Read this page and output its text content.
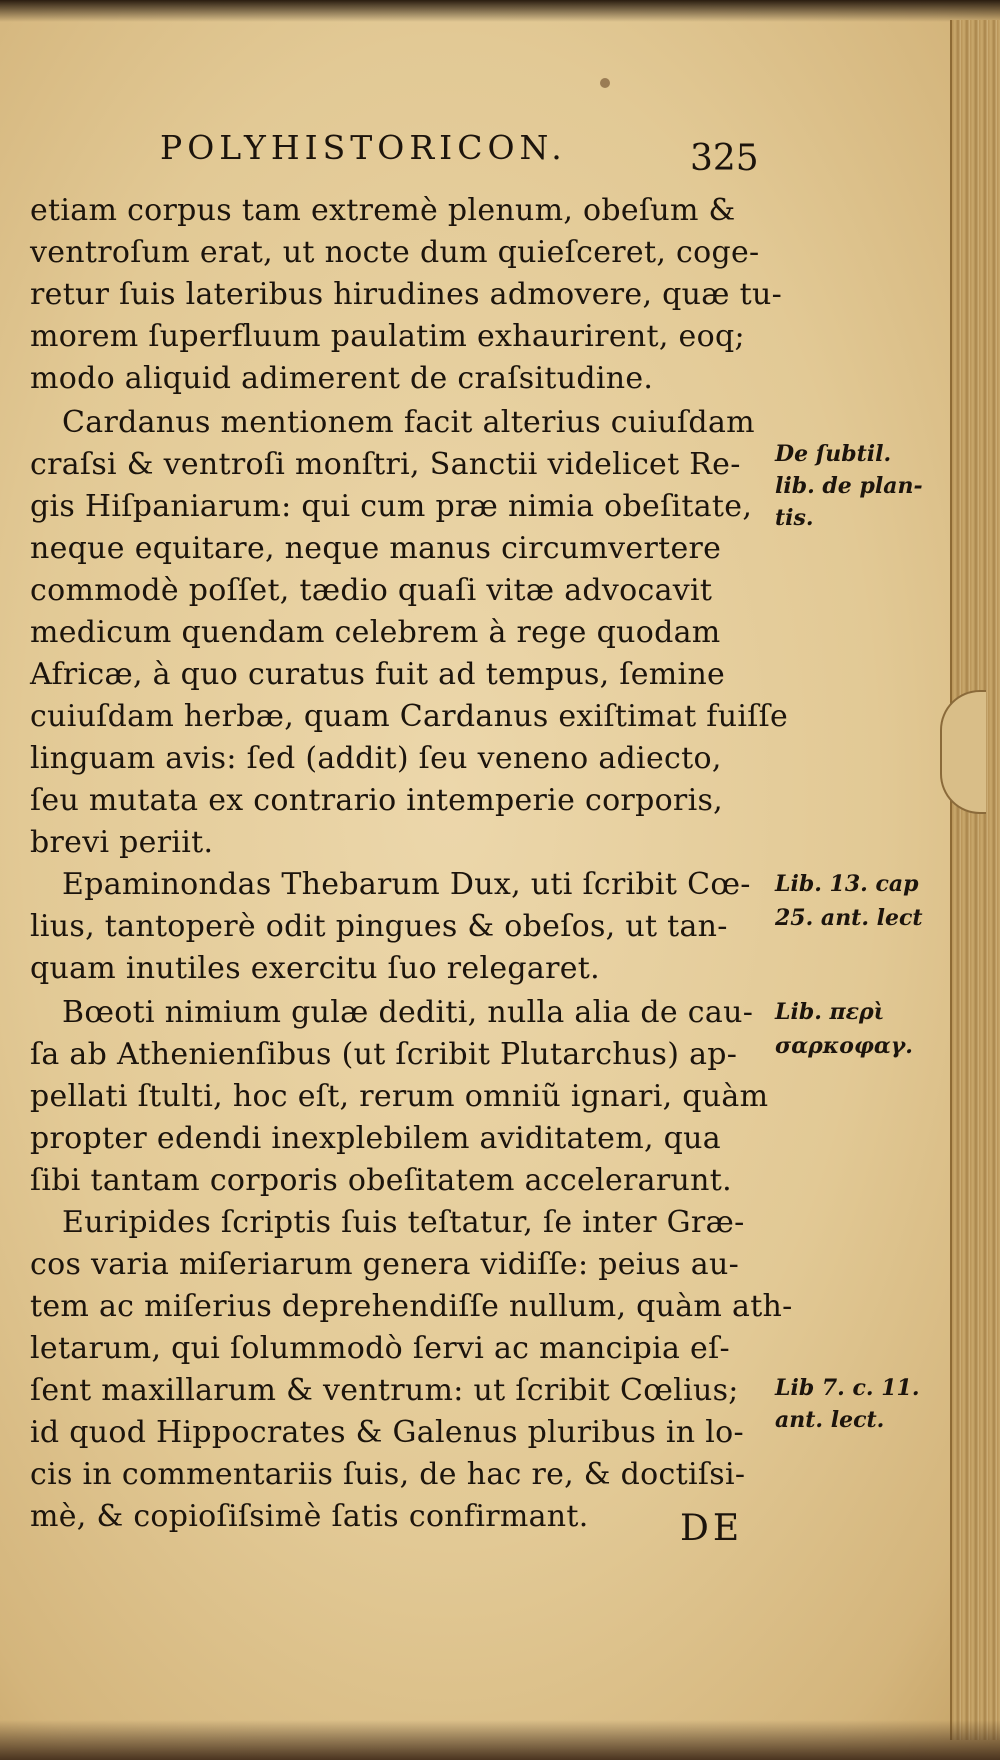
POLYHISTORICON.	325
etiam corpus tam extremè plenum, obeſum &
ventroſum erat, ut nocte dum quieſceret, coge-
retur ſuis lateribus hirudines admovere, quæ tu-
morem ſuperfluum paulatim exhaurirent, eoq;
modo aliquid adimerent de craſsitudine.
Cardanus mentionem facit alterius cuiuſdam
craſsi & ventroſi monſtri, Sanctii videlicet Re-
gis Hiſpaniarum: qui cum præ nimia obeſitate,
neque equitare, neque manus circumvertere
commodè poſſet, tædio quaſi vitæ advocavit
medicum quendam celebrem à rege quodam
Africæ, à quo curatus fuit ad tempus, ſemine
cuiuſdam herbæ, quam Cardanus exiſtimat fuiſſe
linguam avis: ſed (addit) ſeu veneno adiecto,
ſeu mutata ex contrario intemperie corporis,
brevi periit.
Epaminondas Thebarum Dux, uti ſcribit Cœ-
lius, tantoperè odit pingues & obeſos, ut tan-
quam inutiles exercitu ſuo relegaret.
Bœoti nimium gulæ dediti, nulla alia de cau-
ſa ab Athenienſibus (ut ſcribit Plutarchus) ap-
pellati ſtulti, hoc eſt, rerum omniũ ignari, quàm
propter edendi inexplebilem aviditatem, qua
ſibi tantam corporis obeſitatem accelerarunt.
Euripides ſcriptis ſuis teſtatur, ſe inter Græ-
cos varia miſeriarum genera vidiſſe: peius au-
tem ac miſerius deprehendiſſe nullum, quàm ath-
letarum, qui ſolummodò ſervi ac mancipia eſ-
ſent maxillarum & ventrum: ut ſcribit Cœlius;
id quod Hippocrates & Galenus pluribus in lo-
cis in commentariis ſuis, de hac re, & doctiſsi-
mè, & copioſiſsimè ſatis confirmant.
De ſubtil.
lib. de plan-
tis.
Lib. 13. cap
25. ant. lect
Lib. περὶ
σαρκοφαγ.
Lib 7. c. 11.
ant. lect.
DE
